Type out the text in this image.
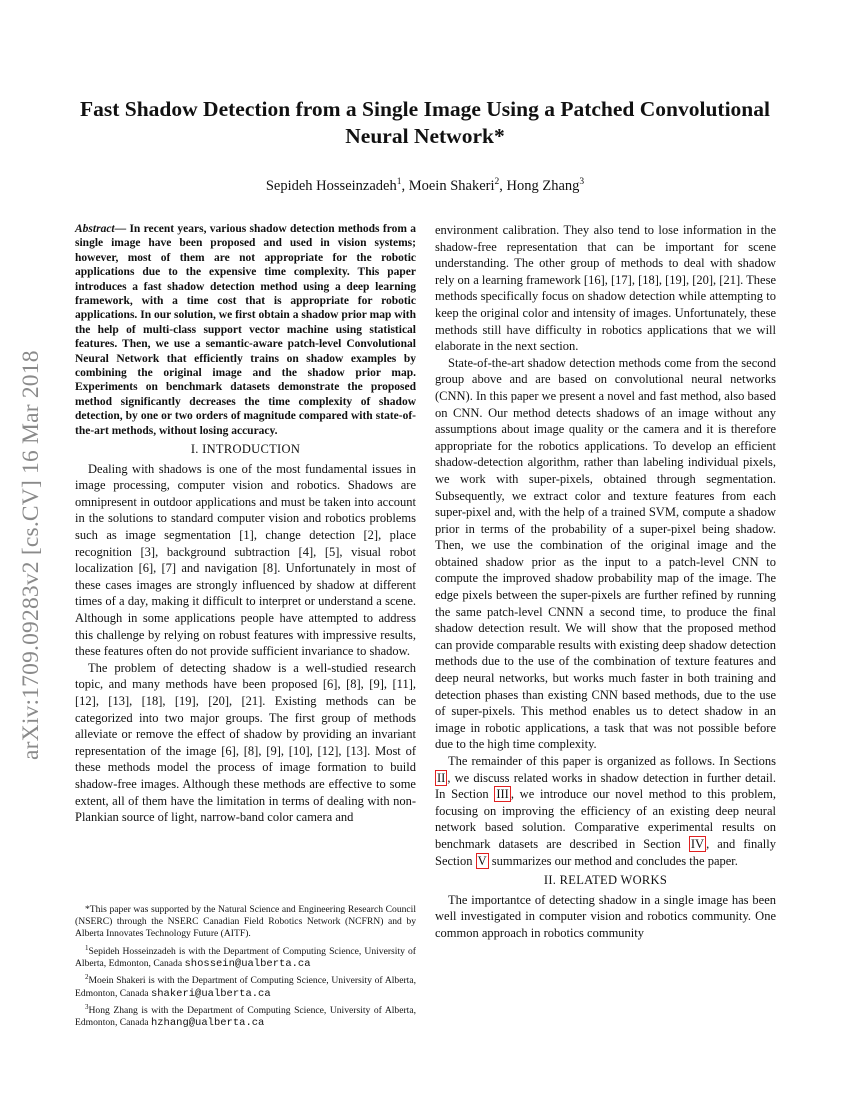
arXiv:1709.09283v2 [cs.CV] 16 Mar 2018
Fast Shadow Detection from a Single Image Using a Patched Convolutional Neural Network*
Sepideh Hosseinzadeh$^1$, Moein Shakeri$^2$, Hong Zhang$^3$

Abstract— In recent years, various shadow detection methods from a single image have been proposed and used in vision systems; however, most of them are not appropriate for the robotic applications due to the expensive time complexity. This paper introduces a fast shadow detection method using a deep learning framework, with a time cost that is appropriate for robotic applications. In our solution, we first obtain a shadow prior map with the help of multi-class support vector machine using statistical features. Then, we use a semantic-aware patch-level Convolutional Neural Network that efficiently trains on shadow examples by combining the original image and the shadow prior map. Experiments on benchmark datasets demonstrate the proposed method significantly decreases the time complexity of shadow detection, by one or two orders of magnitude compared with state-of-the-art methods, without losing accuracy.

I. INTRODUCTION

Dealing with shadows is one of the most fundamental issues in image processing, computer vision and robotics. Shadows are omnipresent in outdoor applications and must be taken into account in the solutions to standard computer vision and robotics problems such as image segmentation [1], change detection [2], place recognition [3], background subtraction [4], [5], visual robot localization [6], [7] and navigation [8]. Unfortunately in most of these cases images are strongly influenced by shadow at different times of a day, making it difficult to interpret or understand a scene. Although in some applications people have attempted to address this challenge by relying on robust features with impressive results, these features often do not provide sufficient invariance to shadow.

The problem of detecting shadow is a well-studied research topic, and many methods have been proposed [6], [8], [9], [11], [12], [13], [18], [19], [20], [21]. Existing methods can be categorized into two major groups. The first group of methods alleviate or remove the effect of shadow by providing an invariant representation of the image [6], [8], [9], [10], [12], [13]. Most of these methods model the process of image formation to build shadow-free images. Although these methods are effective to some extent, all of them have the limitation in terms of dealing with non-Plankian source of light, narrow-band color camera and

environment calibration. They also tend to lose information in the shadow-free representation that can be important for scene understanding. The other group of methods to deal with shadow rely on a learning framework [16], [17], [18], [19], [20], [21]. These methods specifically focus on shadow detection while attempting to keep the original color and intensity of images. Unfortunately, these methods still have difficulty in robotics applications that we will elaborate in the next section.

State-of-the-art shadow detection methods come from the second group above and are based on convolutional neural networks (CNN). In this paper we present a novel and fast method, also based on CNN. Our method detects shadows of an image without any assumptions about image quality or the camera and it is therefore appropriate for the robotics applications. To develop an efficient shadow-detection algorithm, rather than labeling individual pixels, we work with super-pixels, obtained through segmentation. Subsequently, we extract color and texture features from each super-pixel and, with the help of a trained SVM, compute a shadow prior in terms of the probability of a super-pixel being shadow. Then, we use the combination of the original image and the obtained shadow prior as the input to a patch-level CNN to compute the improved shadow probability map of the image. The edge pixels between the super-pixels are further refined by running the same patch-level CNNN a second time, to produce the final shadow detection result. We will show that the proposed method can provide comparable results with existing deep shadow detection methods due to the use of the combination of texture features and deep neural networks, but works much faster in both training and detection phases than existing CNN based methods, due to the use of super-pixels. This method enables us to detect shadow in an image in robotic applications, a task that was not possible before due to the high time complexity.

The remainder of this paper is organized as follows. In Sections II , we discuss related works in shadow detection in further detail. In Section III , we introduce our novel method to this problem, focusing on improving the efficiency of an existing deep neural network based solution. Comparative experimental results on benchmark datasets are described in Section IV , and finally Section V summarizes our method and concludes the paper.

II. RELATED WORKS

The importantce of detecting shadow in a single image has been well investigated in computer vision and robotics community. One common approach in robotics community

*This paper was supported by the Natural Science and Engineering Research Council (NSERC) through the NSERC Canadian Field Robotics Network (NCFRN) and by Alberta Innovates Technology Future (AITF).

$^1$Sepideh Hosseinzadeh is with the Department of Computing Science, University of Alberta, Edmonton, Canada shossein@ualberta.ca

$^2$Moein Shakeri is with the Department of Computing Science, University of Alberta, Edmonton, Canada shakeri@ualberta.ca

$^3$Hong Zhang is with the Department of Computing Science, University of Alberta, Edmonton, Canada hzhang@ualberta.ca
